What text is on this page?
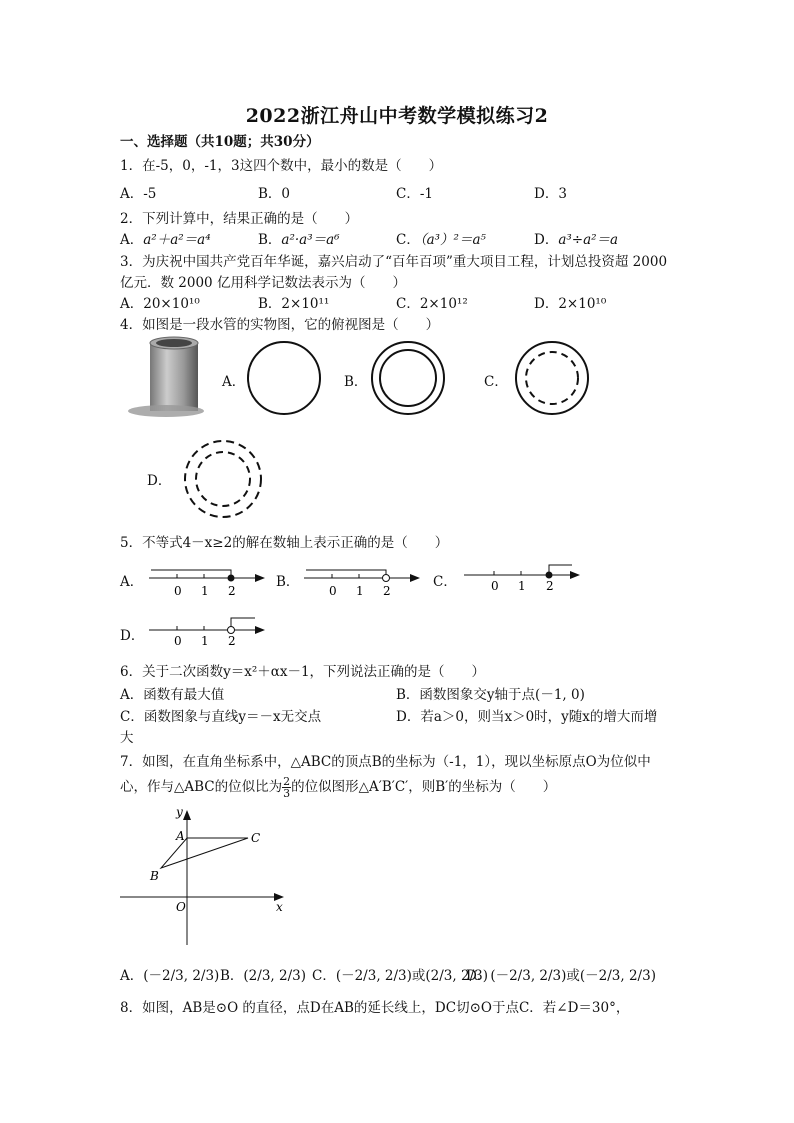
2022浙江舟山中考数学模拟练习2
一、选择题（共10题；共30分）
1．在-5，0，-1，3这四个数中，最小的数是（　　）
A．-5	B．0	C．-1	D．3
2．下列计算中，结果正确的是（　　）
A．a²＋a²＝a⁴	B．a²·a³＝a⁶	C．（a³）²＝a⁵	D．a³÷a²＝a
3．为庆祝中国共产党百年华诞，嘉兴启动了“百年百项”重大项目工程，计划总投资超 2000
亿元．数 2000 亿用科学记数法表示为（　　）
A．20×10¹⁰	B．2×10¹¹	C．2×10¹²	D．2×10¹⁰
4．如图是一段水管的实物图，它的俯视图是（　　）
A．	B．	C．
D．
5．不等式4－x≥2的解在数轴上表示正确的是（　　）
A．
0 1 2
B．
0 1 2
C．	0 1 2
D． 0 1 2
6．关于二次函数y＝x²＋αx－1，下列说法正确的是（　　）
A．函数有最大值	B．函数图象交y轴于点(－1, 0)
C．函数图象与直线y＝－x无交点	D．若a＞0，则当x＞0时，y随x的增大而增
大
7．如图，在直角坐标系中，△ABC的顶点B的坐标为（-1，1），现以坐标原点O为位似中
心，作与△ABC的位似比为 $\frac{2}{3}$ 的位似图形△A′B′C′，则B′的坐标为（　　）
y
x
A	C
B
O
A．(－2/3, 2/3) B．(2/3, 2/3) C．(－2/3, 2/3)或(2/3, 2/3)
D．(－2/3, 2/3)或(－2/3, 2/3)
8．如图，AB是⊙O 的直径，点D在AB的延长线上，DC切⊙O于点C．若∠D＝30°，
